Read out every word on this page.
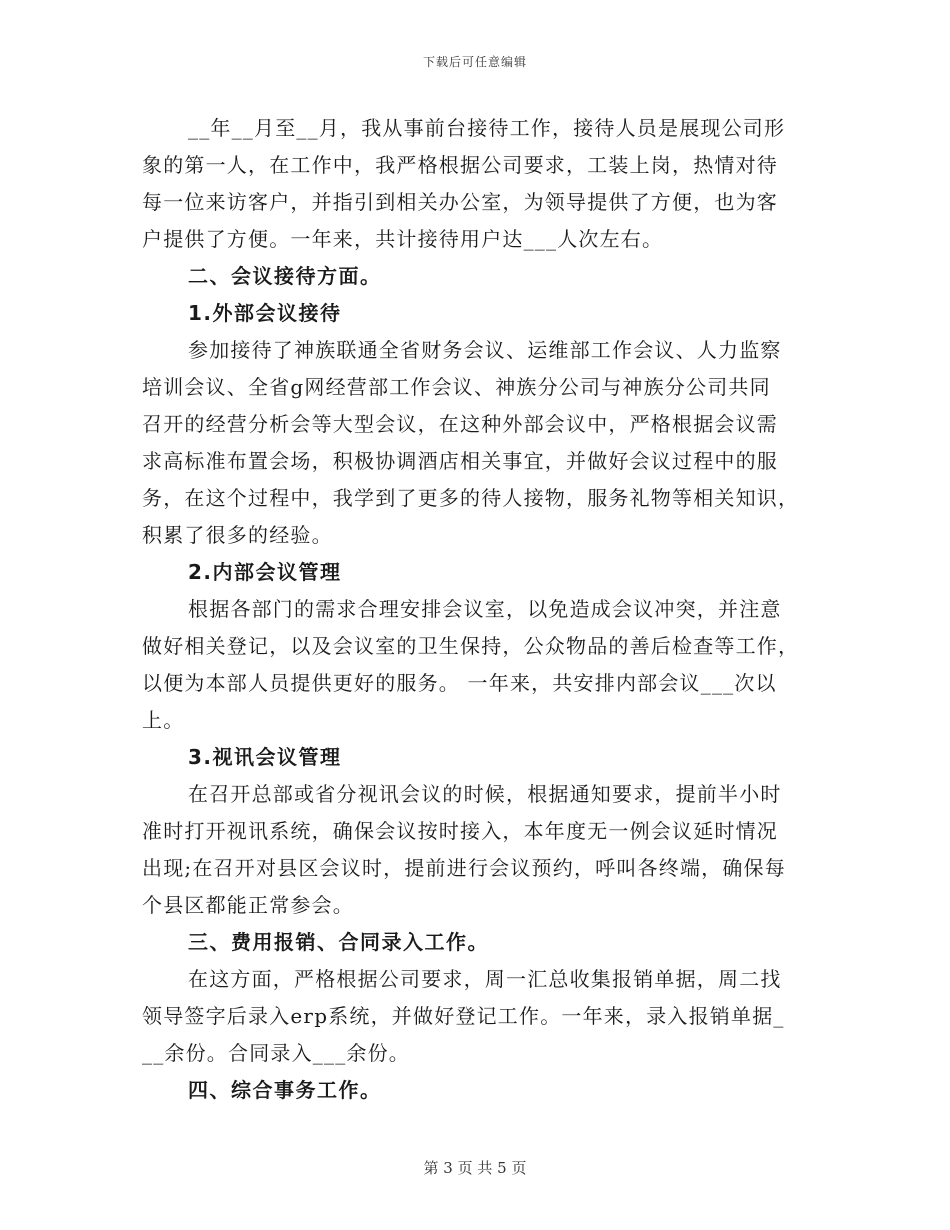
下载后可任意编辑
__年__月至__月，我从事前台接待工作，接待人员是展现公司形
象的第一人，在工作中，我严格根据公司要求，工装上岗，热情对待
每一位来访客户，并指引到相关办公室，为领导提供了方便，也为客
户提供了方便。一年来，共计接待用户达___人次左右。
二、会议接待方面。
1.外部会议接待
参加接待了神族联通全省财务会议、运维部工作会议、人力监察
培训会议、全省g网经营部工作会议、神族分公司与神族分公司共同
召开的经营分析会等大型会议，在这种外部会议中，严格根据会议需
求高标准布置会场，积极协调酒店相关事宜，并做好会议过程中的服
务，在这个过程中，我学到了更多的待人接物，服务礼物等相关知识，
积累了很多的经验。
2.内部会议管理
根据各部门的需求合理安排会议室，以免造成会议冲突，并注意
做好相关登记，以及会议室的卫生保持，公众物品的善后检查等工作，
以便为本部人员提供更好的服务。 一年来，共安排内部会议___次以
上。
3.视讯会议管理
在召开总部或省分视讯会议的时候，根据通知要求，提前半小时
准时打开视讯系统，确保会议按时接入，本年度无一例会议延时情况
出现;在召开对县区会议时，提前进行会议预约，呼叫各终端，确保每
个县区都能正常参会。
三、费用报销、合同录入工作。
在这方面，严格根据公司要求，周一汇总收集报销单据，周二找
领导签字后录入erp系统，并做好登记工作。一年来，录入报销单据_
__余份。合同录入___余份。
四、综合事务工作。
第 3 页 共 5 页
